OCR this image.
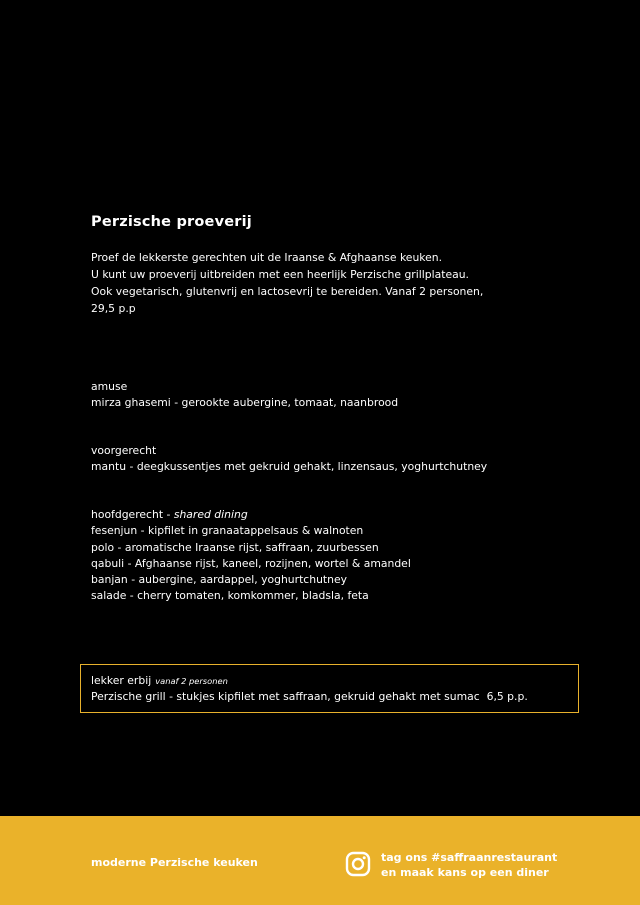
Perzische proeverij
Proef de lekkerste gerechten uit de Iraanse & Afghaanse keuken.
U kunt uw proeverij uitbreiden met een heerlijk Perzische grillplateau.
Ook vegetarisch, glutenvrij en lactosevrij te bereiden. Vanaf 2 personen,
29,5 p.p
amuse
mirza ghasemi - gerookte aubergine, tomaat, naanbrood
voorgerecht
mantu - deegkussentjes met gekruid gehakt, linzensaus, yoghurtchutney
hoofdgerecht - shared dining
fesenjun - kipfilet in granaatappelsaus & walnoten
polo - aromatische Iraanse rijst, saffraan, zuurbessen
qabuli - Afghaanse rijst, kaneel, rozijnen, wortel & amandel
banjan - aubergine, aardappel, yoghurtchutney
salade - cherry tomaten, komkommer, bladsla, feta
lekker erbij vanaf 2 personen
Perzische grill - stukjes kipfilet met saffraan, gekruid gehakt met sumac  6,5 p.p.
moderne Perzische keuken	tag ons #saffraanrestaurant
en maak kans op een diner
